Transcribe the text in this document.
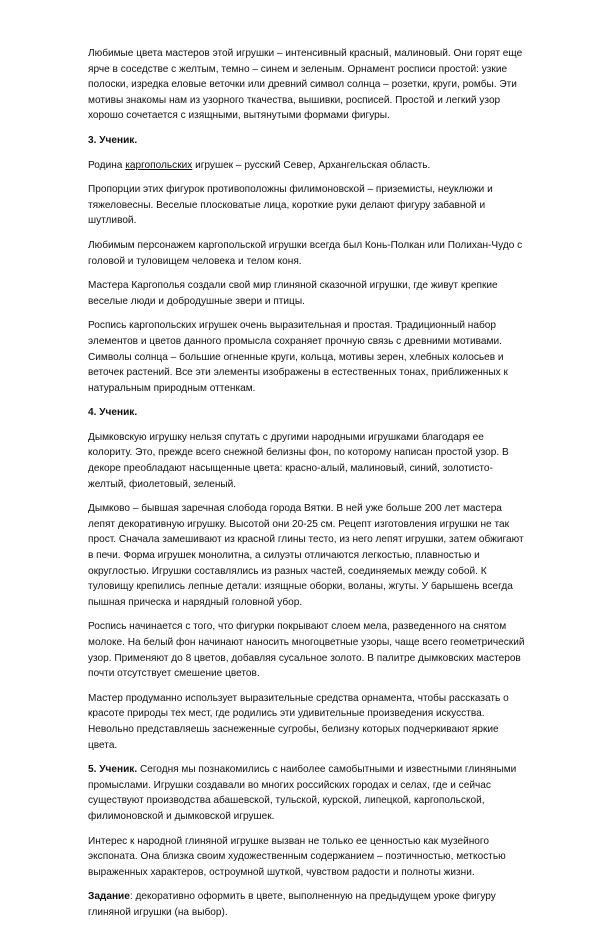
Любимые цвета мастеров этой игрушки – интенсивный красный, малиновый. Они горят еще ярче в соседстве с желтым, темно – синем и зеленым. Орнамент росписи простой: узкие полоски, изредка еловые веточки или древний символ солнца – розетки, круги, ромбы. Эти мотивы знакомы нам из узорного ткачества, вышивки, росписей. Простой и легкий узор хорошо сочетается с изящными, вытянутыми формами фигуры.

3. Ученик.

Родина каргопольских игрушек – русский Север, Архангельская область.

Пропорции этих фигурок противоположны филимоновской – приземисты, неуклюжи и тяжеловесны. Веселые плосковатые лица, короткие руки делают фигуру забавной и шутливой.

Любимым персонажем каргопольской игрушки всегда был Конь-Полкан или Полихан-Чудо с головой и туловищем человека и телом коня.

Мастера Каргополья создали свой мир глиняной сказочной игрушки, где живут крепкие веселые люди и добродушные звери и птицы.

Роспись каргопольских игрушек очень выразительная и простая. Традиционный набор элементов и цветов данного промысла сохраняет прочную связь с древними мотивами. Символы солнца – большие огненные круги, кольца, мотивы зерен, хлебных колосьев и веточек растений. Все эти элементы изображены в естественных тонах, приближенных к натуральным природным оттенкам.

4. Ученик.

Дымковскую игрушку нельзя спутать с другими народными игрушками благодаря ее колориту. Это, прежде всего снежной белизны фон, по которому написан простой узор. В декоре преобладают насыщенные цвета: красно-алый, малиновый, синий, золотисто-желтый, фиолетовый, зеленый.

Дымково – бывшая заречная слобода города Вятки. В ней уже больше 200 лет мастера лепят декоративную игрушку. Высотой они 20-25 см. Рецепт изготовления игрушки не так прост. Сначала замешивают из красной глины тесто, из него лепят игрушки, затем обжигают в печи. Форма игрушек монолитна, а силуэты отличаются легкостью, плавностью и округлостью. Игрушки составлялись из разных частей, соединяемых между собой. К туловищу крепились лепные детали: изящные оборки, воланы, жгуты. У барышень всегда пышная прическа и нарядный головной убор.

Роспись начинается с того, что фигурки покрывают слоем мела, разведенного на снятом молоке. На белый фон начинают наносить многоцветные узоры, чаще всего геометрический узор. Применяют до 8 цветов, добавляя сусальное золото. В палитре дымковских мастеров почти отсутствует смешение цветов.

Мастер продуманно использует выразительные средства орнамента, чтобы рассказать о красоте природы тех мест, где родились эти удивительные произведения искусства. Невольно представляешь заснеженные сугробы, белизну которых подчеркивают яркие цвета.

5. Ученик. Сегодня мы познакомились с наиболее самобытными и известными глиняными промыслами. Игрушки создавали во многих российских городах и селах, где и сейчас существуют производства абашевской, тульской, курской, липецкой, каргопольской, филимоновской и дымковской игрушек.

Интерес к народной глиняной игрушке вызван не только ее ценностью как музейного экспоната. Она близка своим художественным содержанием – поэтичностью, меткостью выраженных характеров, остроумной шуткой, чувством радости и полноты жизни.

Задание: декоративно оформить в цвете, выполненную на предыдущем уроке фигуру глиняной игрушки (на выбор).
